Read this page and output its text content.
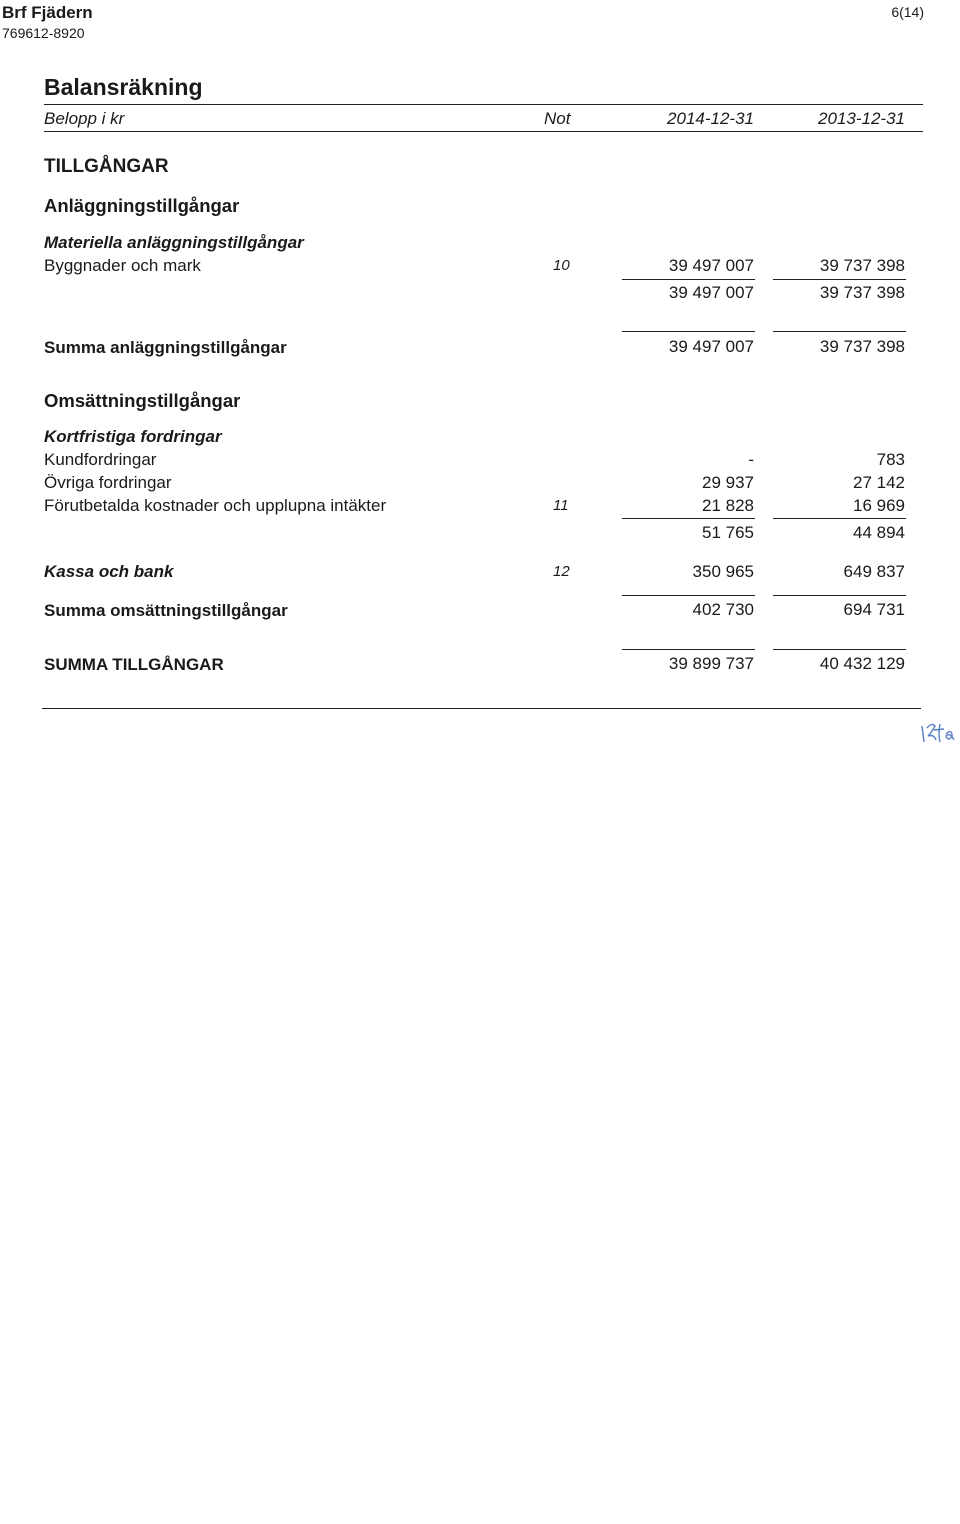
Brf Fjädern
769612-8920
6(14)
Balansräkning
Belopp i kr	Not	2014-12-31	2013-12-31
TILLGÅNGAR
Anläggningstillgångar
Materiella anläggningstillgångar
Byggnader och mark	10	39 497 007	39 737 398
39 497 007	39 737 398
Summa anläggningstillgångar	39 497 007	39 737 398
Omsättningstillgångar
Kortfristiga fordringar
Kundfordringar	-	783
Övriga fordringar	29 937	27 142
Förutbetalda kostnader och upplupna intäkter	11	21 828	16 969
51 765	44 894
Kassa och bank	12	350 965	649 837
Summa omsättningstillgångar	402 730	694 731
SUMMA TILLGÅNGAR	39 899 737	40 432 129
